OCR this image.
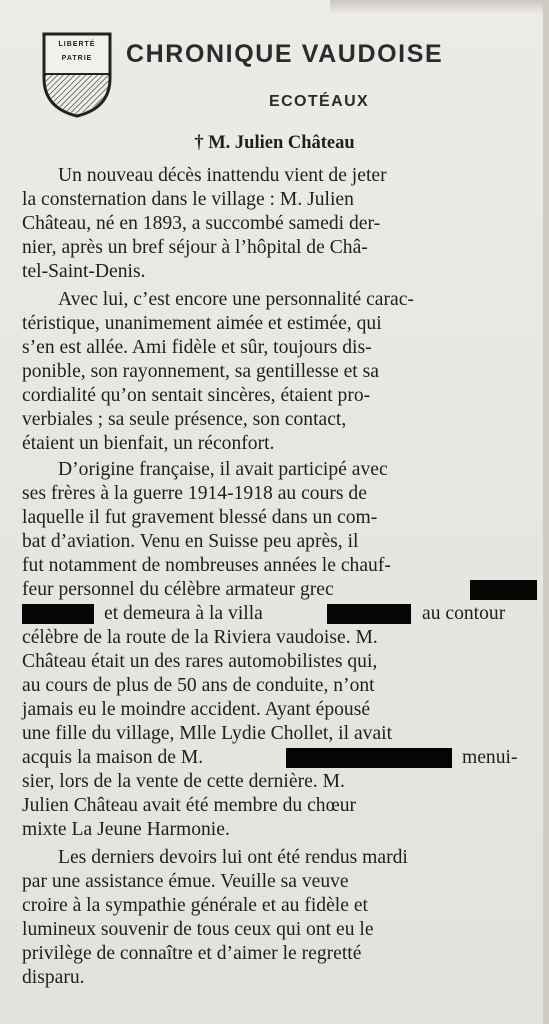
LIBERTÉ
PATRIE	CHRONIQUE VAUDOISE
ECOTÉAUX
† M. Julien Château
Un nouveau décès inattendu vient de jeter
la consternation dans le village : M. Julien
Château, né en 1893, a succombé samedi der-
nier, après un bref séjour à l’hôpital de Châ-
tel-Saint-Denis.
Avec lui, c’est encore une personnalité carac-
téristique, unanimement aimée et estimée, qui
s’en est allée. Ami fidèle et sûr, toujours dis-
ponible, son rayonnement, sa gentillesse et sa
cordialité qu’on sentait sincères, étaient pro-
verbiales ; sa seule présence, son contact,
étaient un bienfait, un réconfort.
D’origine française, il avait participé avec
ses frères à la guerre 1914-1918 au cours de
laquelle il fut gravement blessé dans un com-
bat d’aviation. Venu en Suisse peu après, il
fut notamment de nombreuses années le chauf-
feur personnel du célèbre armateur grec
et demeura à la villa	au contour
célèbre de la route de la Riviera vaudoise. M.
Château était un des rares automobilistes qui,
au cours de plus de 50 ans de conduite, n’ont
jamais eu le moindre accident. Ayant épousé
une fille du village, Mlle Lydie Chollet, il avait
acquis la maison de M.	menui-
sier, lors de la vente de cette dernière. M.
Julien Château avait été membre du chœur
mixte La Jeune Harmonie.
Les derniers devoirs lui ont été rendus mardi
par une assistance émue. Veuille sa veuve
croire à la sympathie générale et au fidèle et
lumineux souvenir de tous ceux qui ont eu le
privilège de connaître et d’aimer le regretté
disparu.
